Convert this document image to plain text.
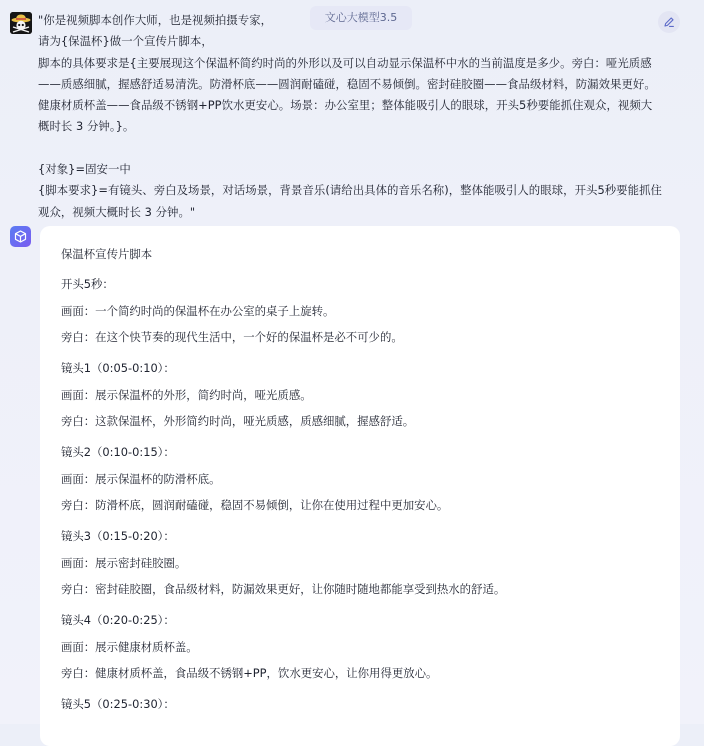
文心大模型3.5
"你是视频脚本创作大师，也是视频拍摄专家，
请为{保温杯}做一个宣传片脚本，
脚本的具体要求是{主要展现这个保温杯简约时尚的外形以及可以自动显示保温杯中水的当前温度是多少。旁白：哑光质感——质感细腻，握感舒适易清洗。防滑杯底——圆润耐磕碰，稳固不易倾倒。密封硅胶圈——食品级材料，防漏效果更好。健康材质杯盖——食品级不锈钢+PP饮水更安心。场景：办公室里；整体能吸引人的眼球，开头5秒要能抓住观众，视频大概时长 3 分钟。}。

{对象}=固安一中
{脚本要求}=有镜头、旁白及场景，对话场景，背景音乐(请给出具体的音乐名称)，整体能吸引人的眼球，开头5秒要能抓住观众，视频大概时长 3 分钟。"
保温杯宣传片脚本
开头5秒：
画面：一个简约时尚的保温杯在办公室的桌子上旋转。
旁白：在这个快节奏的现代生活中，一个好的保温杯是必不可少的。
镜头1（0:05-0:10）：
画面：展示保温杯的外形，简约时尚，哑光质感。
旁白：这款保温杯，外形简约时尚，哑光质感，质感细腻，握感舒适。
镜头2（0:10-0:15）：
画面：展示保温杯的防滑杯底。
旁白：防滑杯底，圆润耐磕碰，稳固不易倾倒，让你在使用过程中更加安心。
镜头3（0:15-0:20）：
画面：展示密封硅胶圈。
旁白：密封硅胶圈，食品级材料，防漏效果更好，让你随时随地都能享受到热水的舒适。
镜头4（0:20-0:25）：
画面：展示健康材质杯盖。
旁白：健康材质杯盖，食品级不锈钢+PP，饮水更安心，让你用得更放心。
镜头5（0:25-0:30）：
